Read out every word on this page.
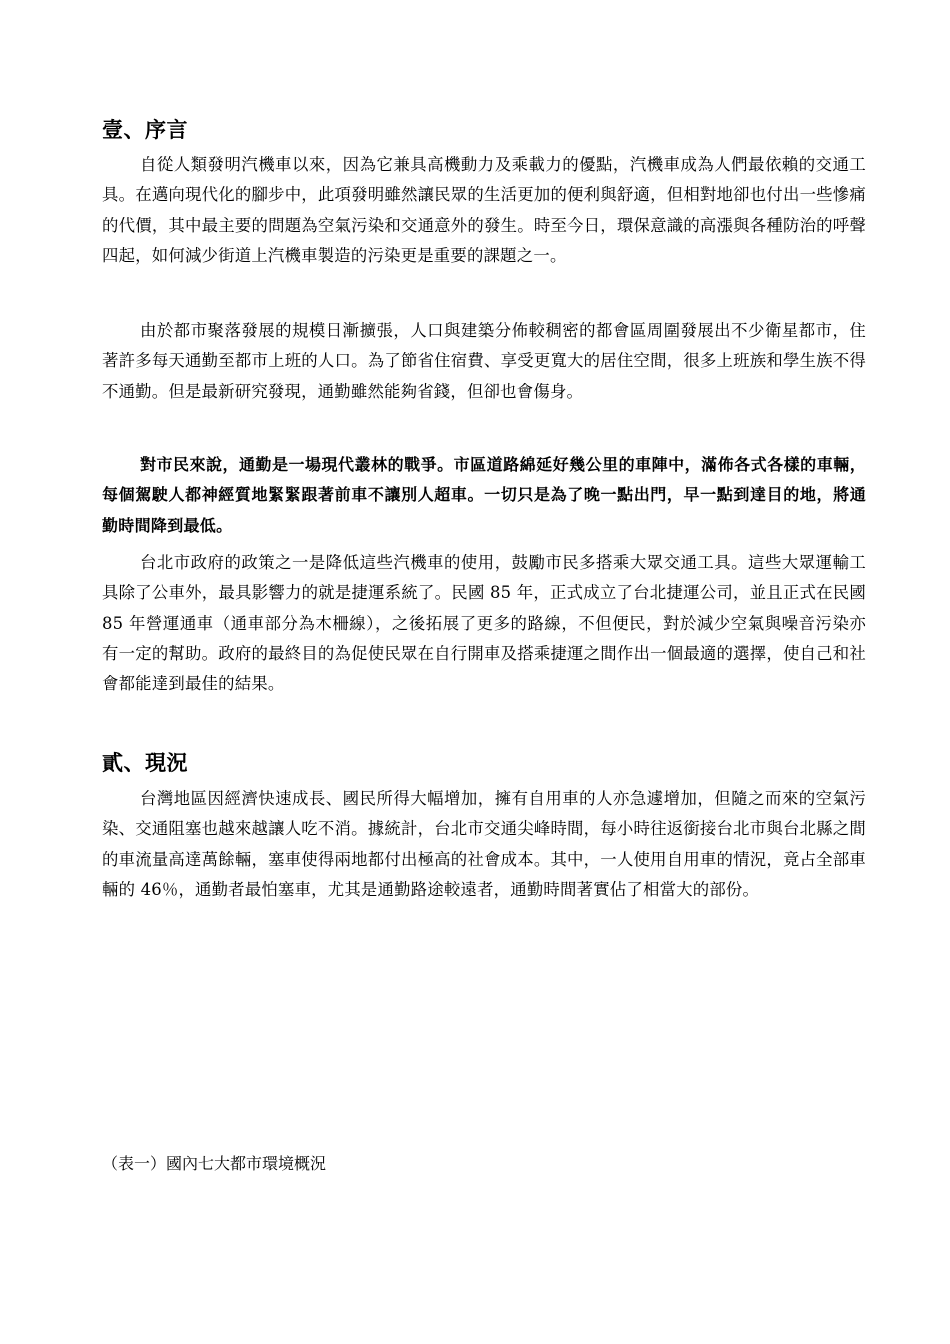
壹、序言

自從人類發明汽機車以來，因為它兼具高機動力及乘載力的優點，汽機車成為人們最依賴的交通工具。在邁向現代化的腳步中，此項發明雖然讓民眾的生活更加的便利與舒適，但相對地卻也付出一些慘痛的代價，其中最主要的問題為空氣污染和交通意外的發生。時至今日，環保意識的高漲與各種防治的呼聲四起，如何減少街道上汽機車製造的污染更是重要的課題之一。

由於都市聚落發展的規模日漸擴張，人口與建築分佈較稠密的都會區周圍發展出不少衛星都市，住著許多每天通勤至都市上班的人口。為了節省住宿費、享受更寬大的居住空間，很多上班族和學生族不得不通勤。但是最新研究發現，通勤雖然能夠省錢，但卻也會傷身。

對市民來說，通勤是一場現代叢林的戰爭。市區道路綿延好幾公里的車陣中，滿佈各式各樣的車輛，每個駕駛人都神經質地緊緊跟著前車不讓別人超車。一切只是為了晚一點出門，早一點到達目的地，將通勤時間降到最低。

台北市政府的政策之一是降低這些汽機車的使用，鼓勵市民多搭乘大眾交通工具。這些大眾運輸工具除了公車外，最具影響力的就是捷運系統了。民國 85 年，正式成立了台北捷運公司，並且正式在民國 85 年營運通車（通車部分為木柵線），之後拓展了更多的路線，不但便民，對於減少空氣與噪音污染亦有一定的幫助。政府的最終目的為促使民眾在自行開車及搭乘捷運之間作出一個最適的選擇，使自己和社會都能達到最佳的結果。

貳、現況

台灣地區因經濟快速成長、國民所得大幅增加，擁有自用車的人亦急遽增加，但隨之而來的空氣污染、交通阻塞也越來越讓人吃不消。據統計，台北市交通尖峰時間，每小時往返銜接台北市與台北縣之間的車流量高達萬餘輛，塞車使得兩地都付出極高的社會成本。其中，一人使用自用車的情況，竟占全部車輛的 46％，通勤者最怕塞車，尤其是通勤路途較遠者，通勤時間著實佔了相當大的部份。

（表一）國內七大都市環境概況
